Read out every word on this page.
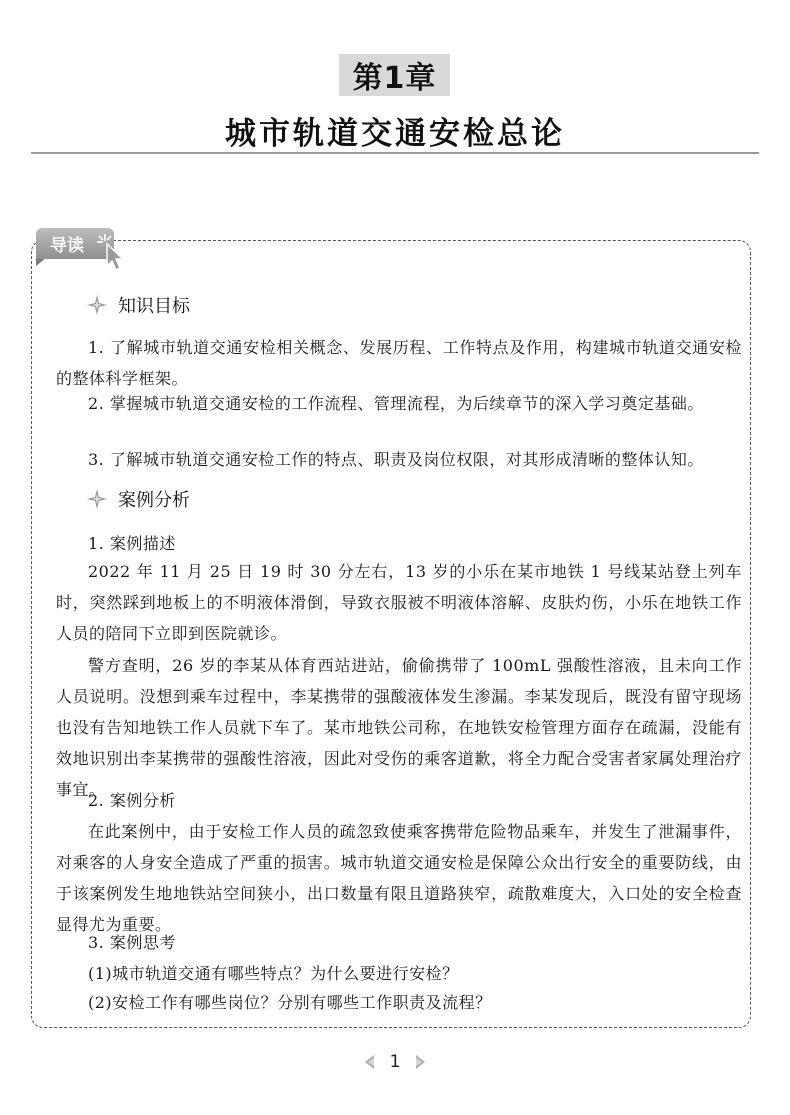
第1章
城市轨道交通安检总论
导读
知识目标

1. 了解城市轨道交通安检相关概念、发展历程、工作特点及作用，构建城市轨道交通安检的整体科学框架。

2. 掌握城市轨道交通安检的工作流程、管理流程，为后续章节的深入学习奠定基础。

3. 了解城市轨道交通安检工作的特点、职责及岗位权限，对其形成清晰的整体认知。

案例分析

1. 案例描述

2022 年 11 月 25 日 19 时 30 分左右，13 岁的小乐在某市地铁 1 号线某站登上列车时，突然踩到地板上的不明液体滑倒，导致衣服被不明液体溶解、皮肤灼伤，小乐在地铁工作人员的陪同下立即到医院就诊。

警方查明，26 岁的李某从体育西站进站，偷偷携带了 100mL 强酸性溶液，且未向工作人员说明。没想到乘车过程中，李某携带的强酸液体发生渗漏。李某发现后，既没有留守现场也没有告知地铁工作人员就下车了。某市地铁公司称，在地铁安检管理方面存在疏漏，没能有效地识别出李某携带的强酸性溶液，因此对受伤的乘客道歉，将全力配合受害者家属处理治疗事宜。

2. 案例分析

在此案例中，由于安检工作人员的疏忽致使乘客携带危险物品乘车，并发生了泄漏事件，对乘客的人身安全造成了严重的损害。城市轨道交通安检是保障公众出行安全的重要防线，由于该案例发生地地铁站空间狭小，出口数量有限且道路狭窄，疏散难度大，入口处的安全检查显得尤为重要。

3. 案例思考

(1)城市轨道交通有哪些特点？为什么要进行安检？

(2)安检工作有哪些岗位？分别有哪些工作职责及流程？

1
